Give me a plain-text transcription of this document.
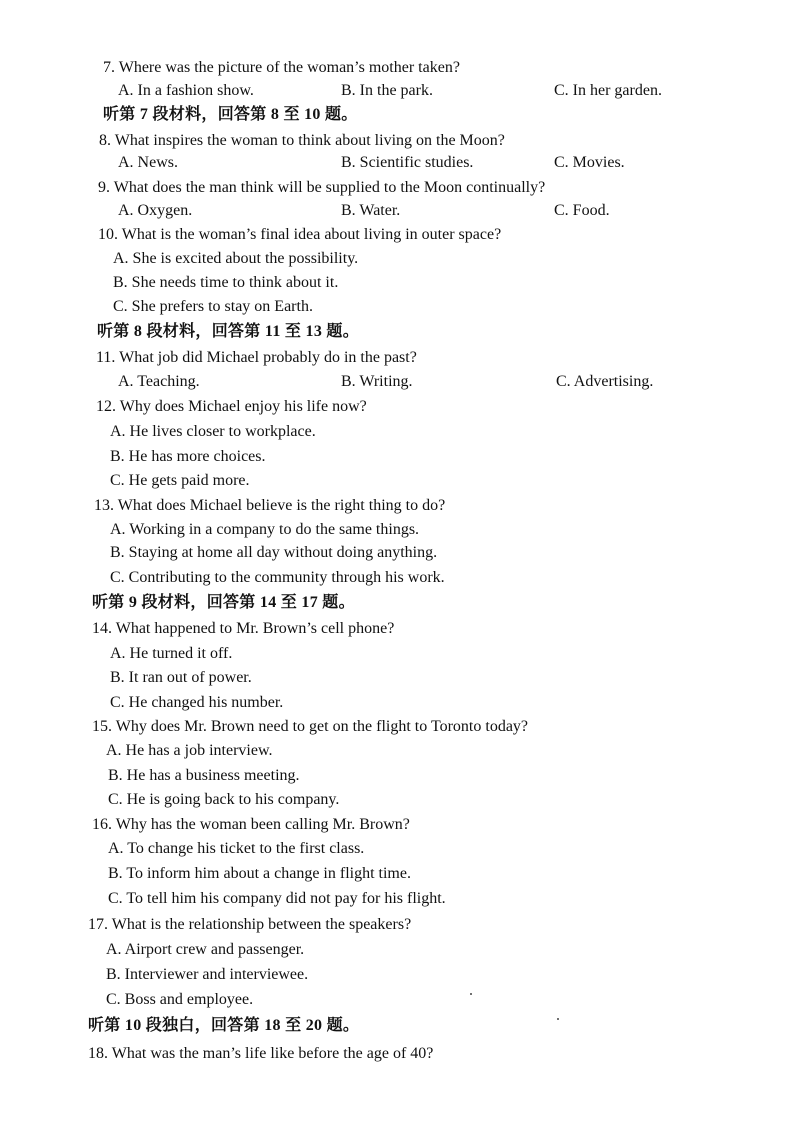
7. Where was the picture of the woman’s mother taken?
A. In a fashion show.	B. In the park.	C. In her garden.
听第 7 段材料，回答第 8 至 10 题。
8. What inspires the woman to think about living on the Moon?
A. News.	B. Scientific studies.	C. Movies.
9. What does the man think will be supplied to the Moon continually?
A. Oxygen.	B. Water.	C. Food.
10. What is the woman’s final idea about living in outer space?
A. She is excited about the possibility.
B. She needs time to think about it.
C. She prefers to stay on Earth.
听第 8 段材料，回答第 11 至 13 题。
11. What job did Michael probably do in the past?
A. Teaching.	B. Writing.	C. Advertising.
12. Why does Michael enjoy his life now?
A. He lives closer to workplace.
B. He has more choices.
C. He gets paid more.
13. What does Michael believe is the right thing to do?
A. Working in a company to do the same things.
B. Staying at home all day without doing anything.
C. Contributing to the community through his work.
听第 9 段材料，回答第 14 至 17 题。
14. What happened to Mr. Brown’s cell phone?
A. He turned it off.
B. It ran out of power.
C. He changed his number.
15. Why does Mr. Brown need to get on the flight to Toronto today?
A. He has a job interview.
B. He has a business meeting.
C. He is going back to his company.
16. Why has the woman been calling Mr. Brown?
A. To change his ticket to the first class.
B. To inform him about a change in flight time.
C. To tell him his company did not pay for his flight.
17. What is the relationship between the speakers?
A. Airport crew and passenger.
B. Interviewer and interviewee.
C. Boss and employee.
听第 10 段独白，回答第 18 至 20 题。
18. What was the man’s life like before the age of 40?
